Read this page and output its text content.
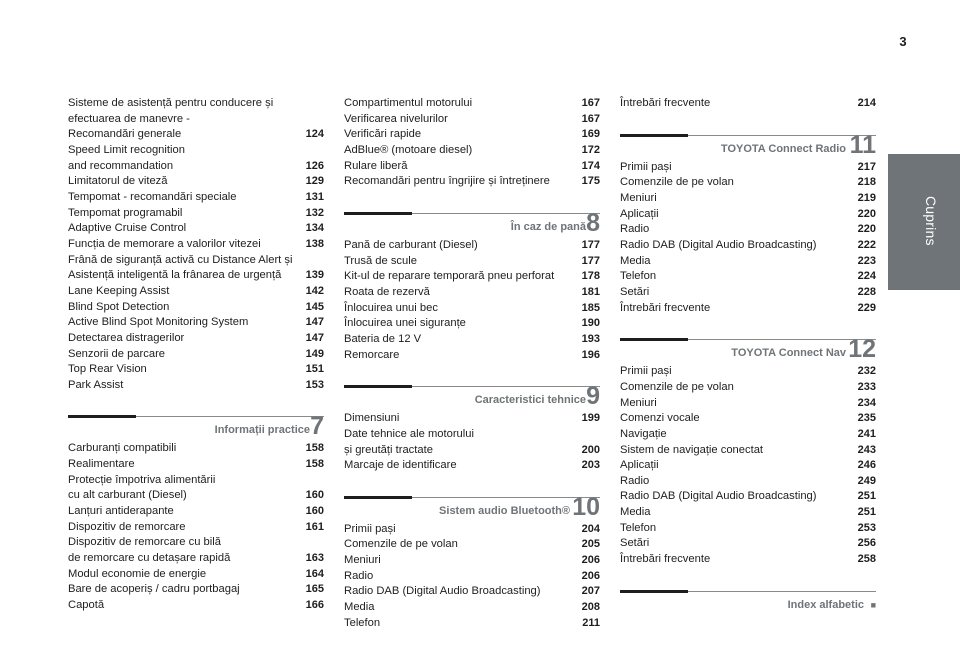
3
Cuprins
Sisteme de asistență pentru conducere și
efectuarea de manevre -
Recomandări generale	124
Speed Limit recognition
and recommandation	126
Limitatorul de viteză	129
Tempomat - recomandări speciale	131
Tempomat programabil	132
Adaptive Cruise Control	134
Funcția de memorare a valorilor vitezei	138
Frână de siguranță activă cu Distance Alert și
Asistență inteligentă la frânarea de urgență	139
Lane Keeping Assist	142
Blind Spot Detection	145
Active Blind Spot Monitoring System	147
Detectarea distragerilor	147
Senzorii de parcare	149
Top Rear Vision	151
Park Assist	153
Informații practice 7
Carburanți compatibili	158
Realimentare	158
Protecție împotriva alimentării
cu alt carburant (Diesel)	160
Lanțuri antiderapante	160
Dispozitiv de remorcare	161
Dispozitiv de remorcare cu bilă
de remorcare cu detașare rapidă	163
Modul economie de energie	164
Bare de acoperiș / cadru portbagaj	165
Capotă	166
Compartimentul motorului	167
Verificarea nivelurilor	167
Verificări rapide	169
AdBlue® (motoare diesel)	172
Rulare liberă	174
Recomandări pentru îngrijire și întreținere	175
În caz de pană 8
Pană de carburant (Diesel)	177
Trusă de scule	177
Kit-ul de reparare temporară pneu perforat	178
Roata de rezervă	181
Înlocuirea unui bec	185
Înlocuirea unei siguranțe	190
Bateria de 12 V	193
Remorcare	196
Caracteristici tehnice 9
Dimensiuni	199
Date tehnice ale motorului
și greutăți tractate	200
Marcaje de identificare	203
Sistem audio Bluetooth® 10
Primii pași	204
Comenzile de pe volan	205
Meniuri	206
Radio	206
Radio DAB (Digital Audio Broadcasting)	207
Media	208
Telefon	211
Întrebări frecvente	214
TOYOTA Connect Radio 11
Primii pași	217
Comenzile de pe volan	218
Meniuri	219
Aplicații	220
Radio	220
Radio DAB (Digital Audio Broadcasting)	222
Media	223
Telefon	224
Setări	228
Întrebări frecvente	229
TOYOTA Connect Nav 12
Primii pași	232
Comenzile de pe volan	233
Meniuri	234
Comenzi vocale	235
Navigație	241
Sistem de navigație conectat	243
Aplicații	246
Radio	249
Radio DAB (Digital Audio Broadcasting)	251
Media	251
Telefon	253
Setări	256
Întrebări frecvente	258
Index alfabetic ■
